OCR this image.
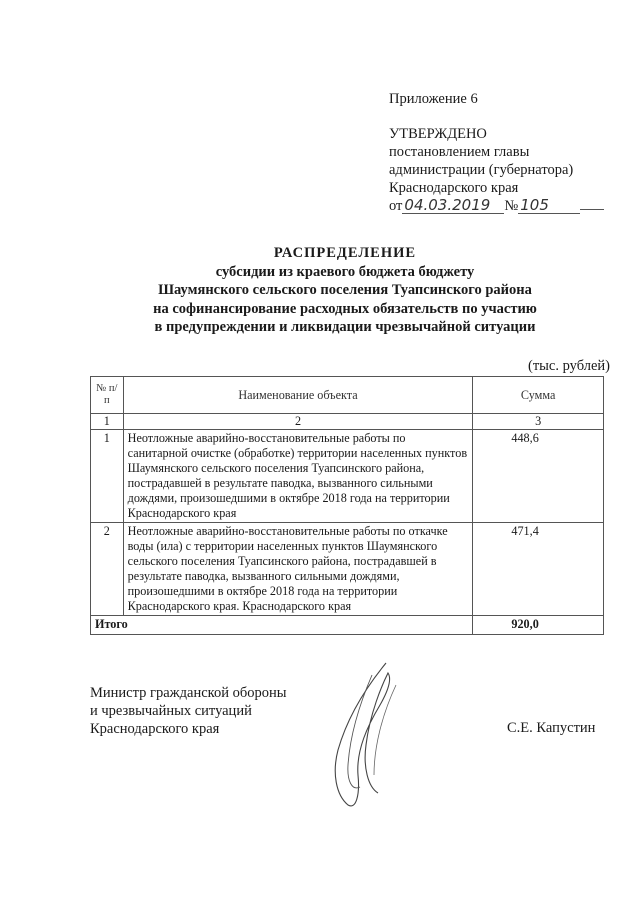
Приложение 6
УТВЕРЖДЕНО
постановлением главы
администрации (губернатора)
Краснодарского края
от 04.03.2019 № 105
РАСПРЕДЕЛЕНИЕ
субсидии из краевого бюджета бюджету
Шаумянского сельского поселения Туапсинского района
на софинансирование расходных обязательств по участию
в предупреждении и ликвидации чрезвычайной ситуации
(тыс. рублей)
№ п/п	Наименование объекта	Сумма
1	2	3
1	Неотложные аварийно-восстановительные работы по санитарной очистке (обработке) территории населенных пунктов Шаумянского сельского поселения Туапсинского района, пострадавшей в результате паводка, вызванного сильными дождями, произошедшими в октябре 2018 года на территории Краснодарского края	448,6
2	Неотложные аварийно-восстановительные работы по откачке воды (ила) с территории населенных пунктов Шаумянского сельского поселения Туапсинского района, пострадавшей в результате паводка, вызванного сильными дождями, произошедшими в октябре 2018 года на территории Краснодарского края. Краснодарского края	471,4
Итого		920,0
Министр гражданской обороны
и чрезвычайных ситуаций
Краснодарского края	С.Е. Капустин
